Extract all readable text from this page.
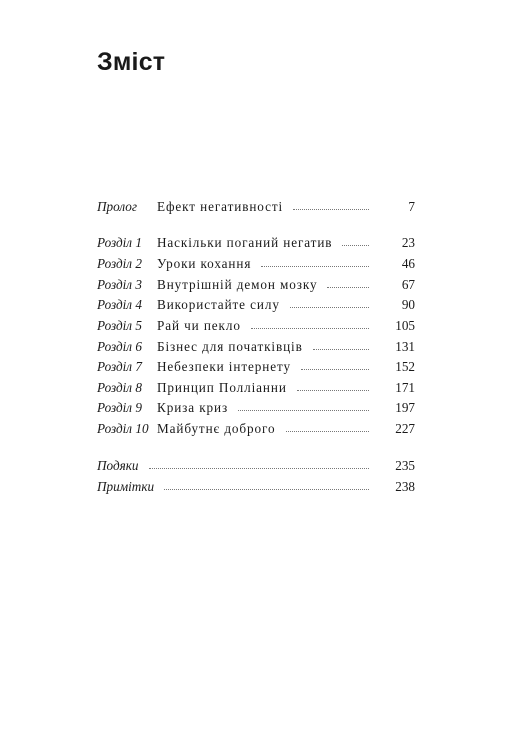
Зміст
Пролог Ефект негативності	7
Розділ 1 Наскільки поганий негатив	23
Розділ 2 Уроки кохання	46
Розділ 3 Внутрішній демон мозку	67
Розділ 4 Використайте силу	90
Розділ 5 Рай чи пекло	105
Розділ 6 Бізнес для початківців	131
Розділ 7 Небезпеки інтернету	152
Розділ 8 Принцип Полліанни	171
Розділ 9 Криза криз	197
Розділ 10 Майбутнє доброго	227
Подяки	235
Примітки	238
